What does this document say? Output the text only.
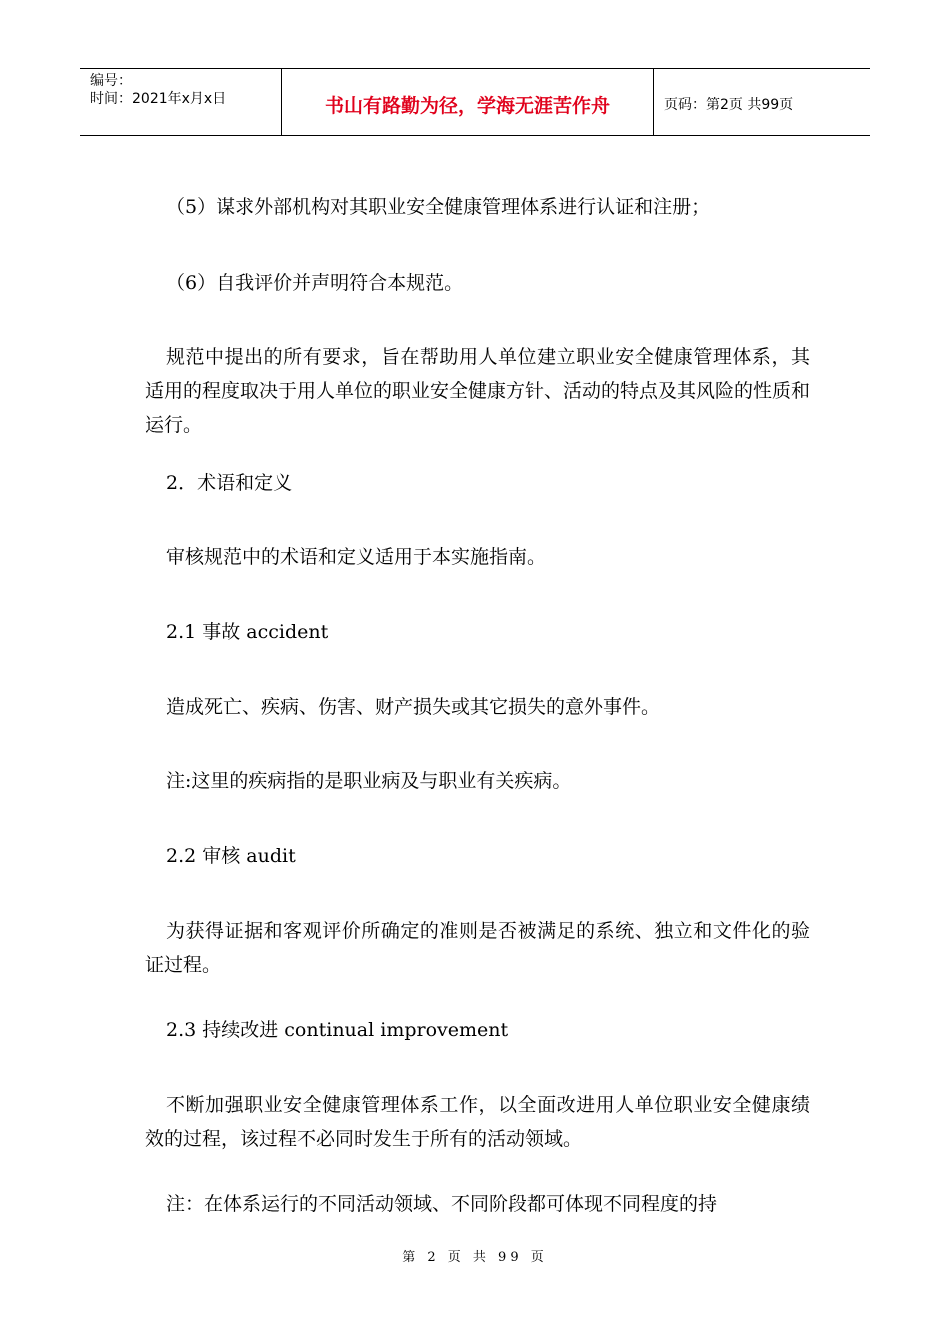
编号：
时间：2021年x月x日	书山有路勤为径，学海无涯苦作舟	页码：第2页 共99页
（5）谋求外部机构对其职业安全健康管理体系进行认证和注册；
（6）自我评价并声明符合本规范。
规范中提出的所有要求，旨在帮助用人单位建立职业安全健康管理体系，其适用的程度取决于用人单位的职业安全健康方针、活动的特点及其风险的性质和运行。
2．术语和定义
审核规范中的术语和定义适用于本实施指南。
2.1 事故 accident
造成死亡、疾病、伤害、财产损失或其它损失的意外事件。
注:这里的疾病指的是职业病及与职业有关疾病。
2.2 审核 audit
为获得证据和客观评价所确定的准则是否被满足的系统、独立和文件化的验证过程。
2.3 持续改进 continual improvement
不断加强职业安全健康管理体系工作，以全面改进用人单位职业安全健康绩效的过程，该过程不必同时发生于所有的活动领域。
注：在体系运行的不同活动领域、不同阶段都可体现不同程度的持
第 2 页 共 99 页
